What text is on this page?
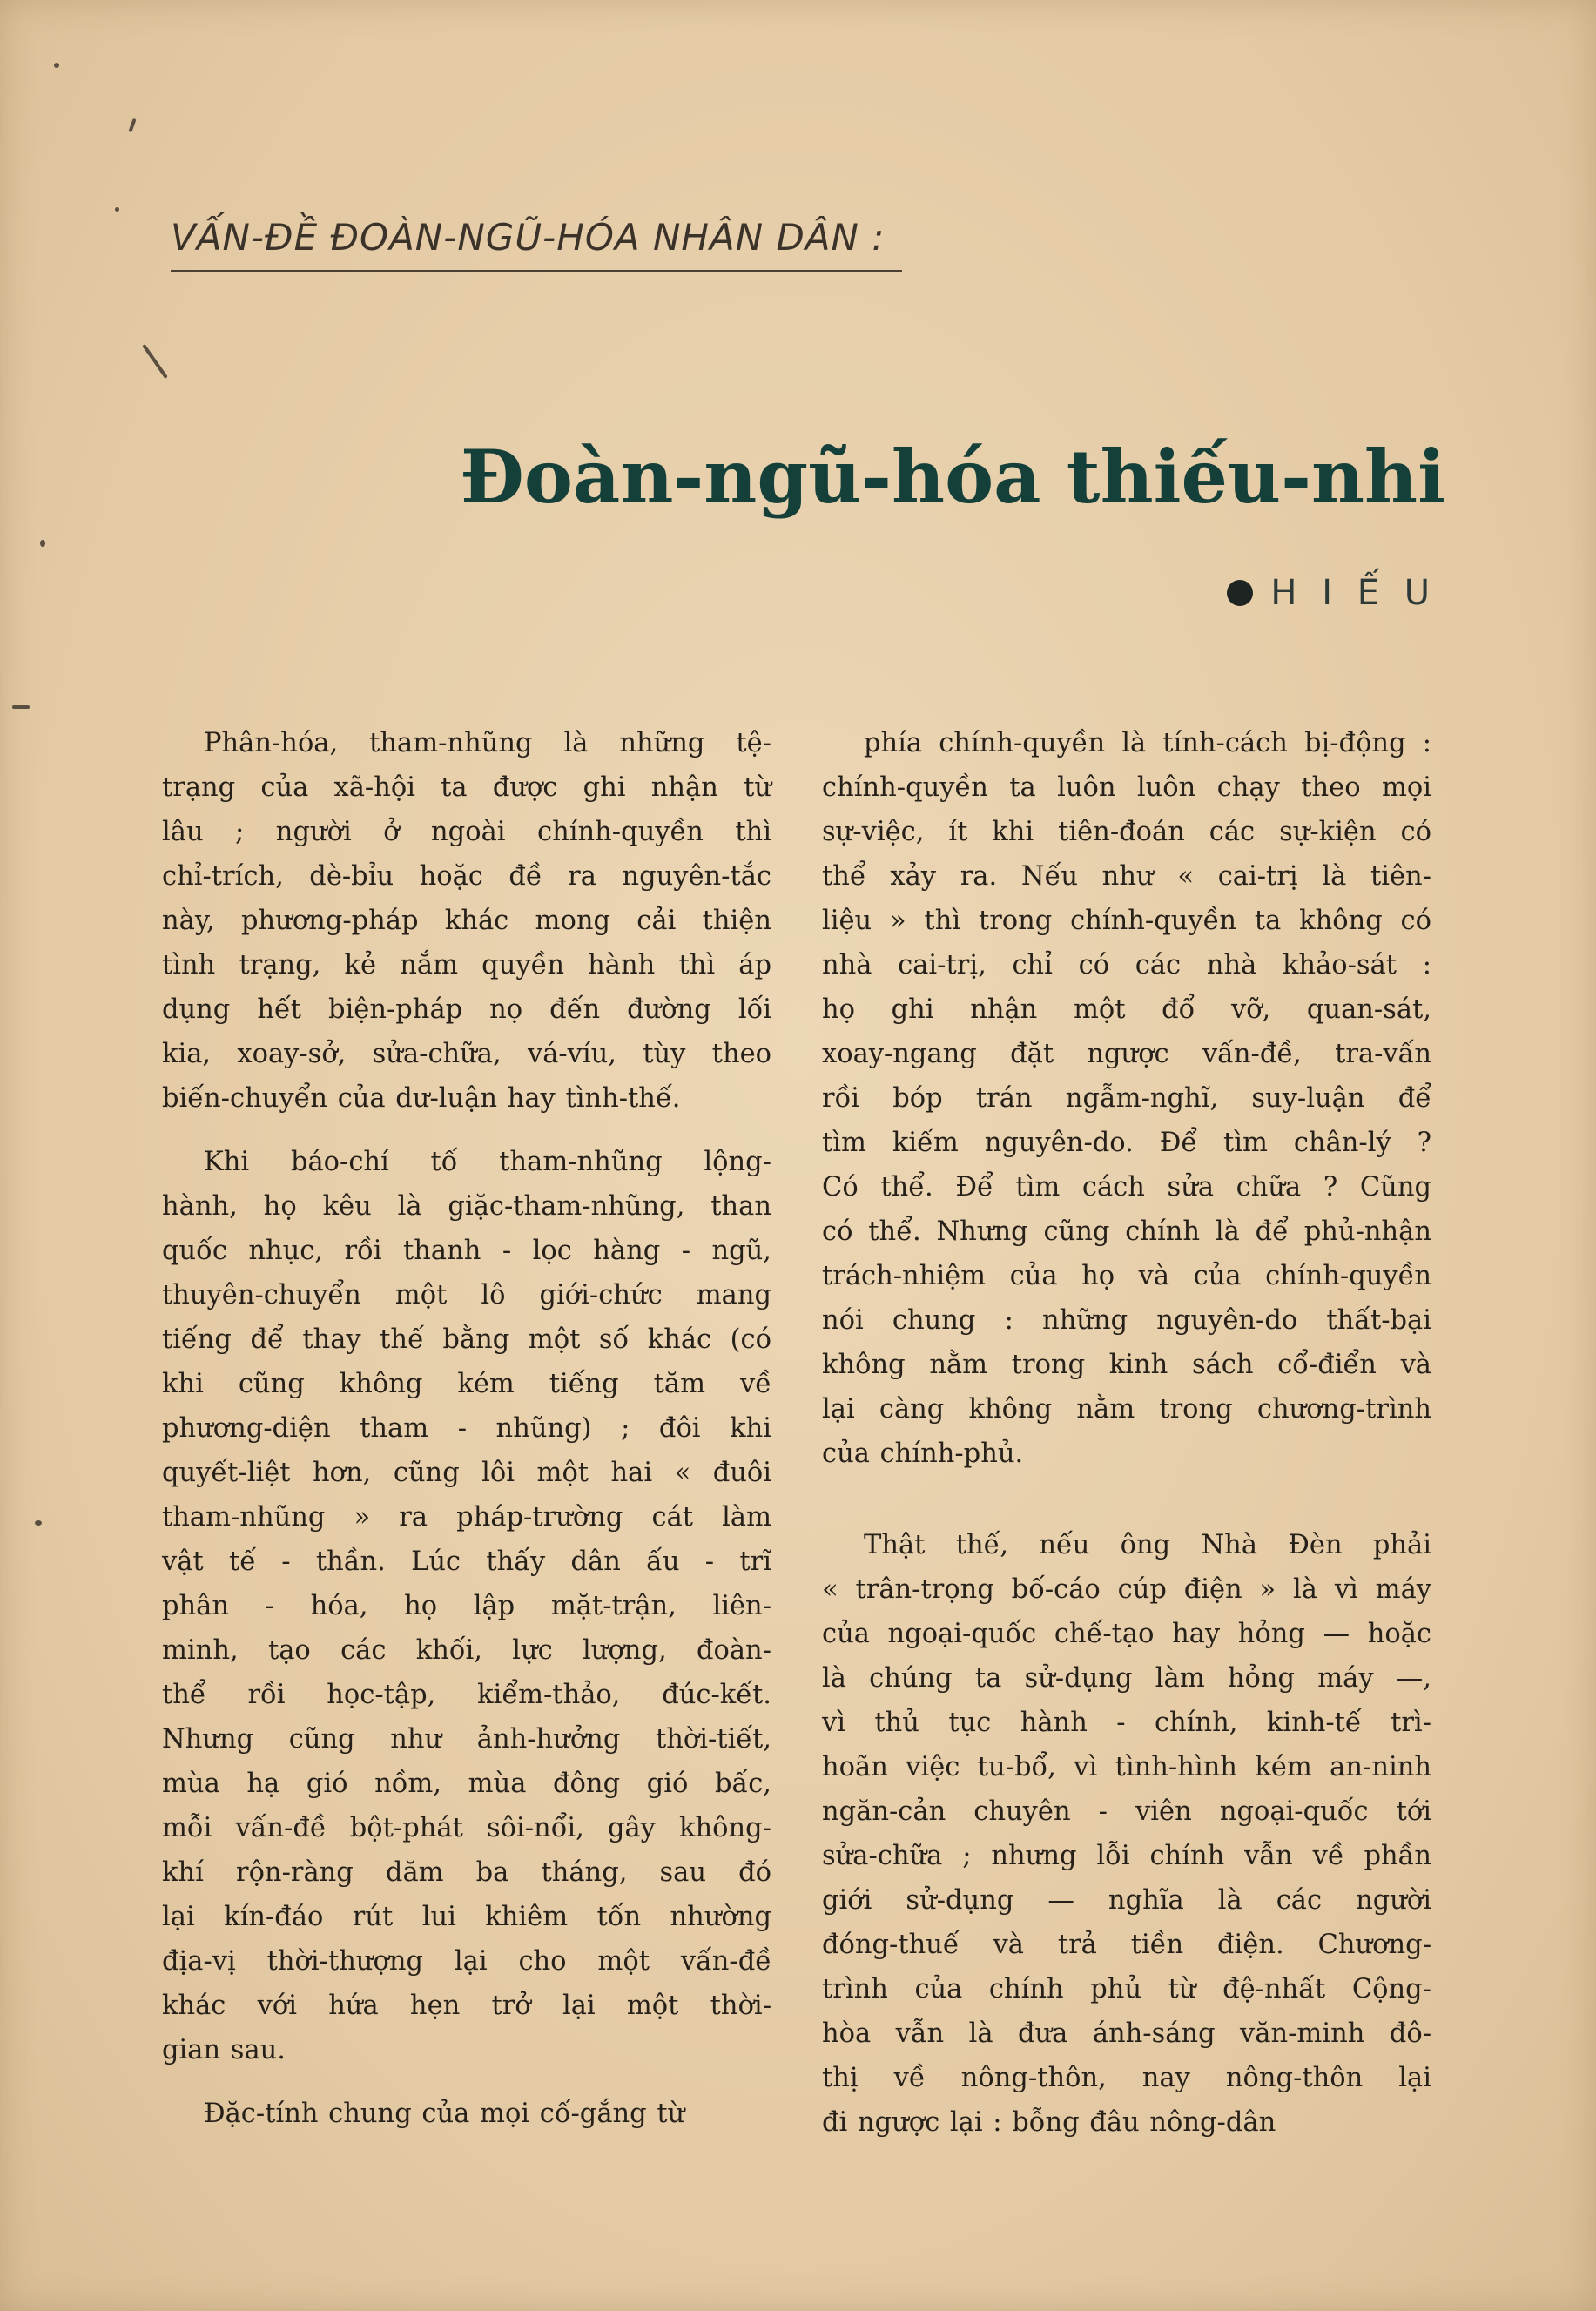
VẤN-ĐỀ ĐOÀN-NGŨ-HÓA NHÂN DÂN :
Đoàn-ngũ-hóa thiếu-nhi
H I Ế U

Phân-hóa, tham-nhũng là những tệ-
trạng của xã-hội ta được ghi nhận từ
lâu ; người ở ngoài chính-quyền thì
chỉ-trích, dè-bỉu hoặc đề ra nguyên-tắc
này, phương-pháp khác mong cải thiện
tình trạng, kẻ nắm quyền hành thì áp
dụng hết biện-pháp nọ đến đường lối
kia, xoay-sở, sửa-chữa, vá-víu, tùy theo
biến-chuyển của dư-luận hay tình-thế.

Khi báo-chí tố tham-nhũng lộng-
hành, họ kêu là giặc-tham-nhũng, than
quốc nhục, rồi thanh - lọc hàng - ngũ,
thuyên-chuyển một lô giới-chức mang
tiếng để thay thế bằng một số khác (có
khi cũng không kém tiếng tăm về
phương-diện tham - nhũng) ; đôi khi
quyết-liệt hơn, cũng lôi một hai « đuôi
tham-nhũng » ra pháp-trường cát làm
vật tế - thần. Lúc thấy dân ấu - trĩ
phân - hóa, họ lập mặt-trận, liên-
minh, tạo các khối, lực lượng, đoàn-
thể rồi học-tập, kiểm-thảo, đúc-kết.
Nhưng cũng như ảnh-hưởng thời-tiết,
mùa hạ gió nồm, mùa đông gió bấc,
mỗi vấn-đề bột-phát sôi-nổi, gây không-
khí rộn-ràng dăm ba tháng, sau đó
lại kín-đáo rút lui khiêm tốn nhường
địa-vị thời-thượng lại cho một vấn-đề
khác với hứa hẹn trở lại một thời-
gian sau.

Đặc-tính chung của mọi cố-gắng từ

phía chính-quyền là tính-cách bị-động :
chính-quyền ta luôn luôn chạy theo mọi
sự-việc, ít khi tiên-đoán các sự-kiện có
thể xảy ra. Nếu như « cai-trị là tiên-
liệu » thì trong chính-quyền ta không có
nhà cai-trị, chỉ có các nhà khảo-sát :
họ ghi nhận một đổ vỡ, quan-sát,
xoay-ngang đặt ngược vấn-đề, tra-vấn
rồi bóp trán ngẫm-nghĩ, suy-luận để
tìm kiếm nguyên-do. Để tìm chân-lý ?
Có thể. Để tìm cách sửa chữa ? Cũng
có thể. Nhưng cũng chính là để phủ-nhận
trách-nhiệm của họ và của chính-quyền
nói chung : những nguyên-do thất-bại
không nằm trong kinh sách cổ-điển và
lại càng không nằm trong chương-trình
của chính-phủ.

Thật thế, nếu ông Nhà Đèn phải
« trân-trọng bố-cáo cúp điện » là vì máy
của ngoại-quốc chế-tạo hay hỏng — hoặc
là chúng ta sử-dụng làm hỏng máy —,
vì thủ tục hành - chính, kinh-tế trì-
hoãn việc tu-bổ, vì tình-hình kém an-ninh
ngăn-cản chuyên - viên ngoại-quốc tới
sửa-chữa ; nhưng lỗi chính vẫn về phần
giới sử-dụng — nghĩa là các người
đóng-thuế và trả tiền điện. Chương-
trình của chính phủ từ đệ-nhất Cộng-
hòa vẫn là đưa ánh-sáng văn-minh đô-
thị về nông-thôn, nay nông-thôn lại
đi ngược lại : bỗng đâu nông-dân
